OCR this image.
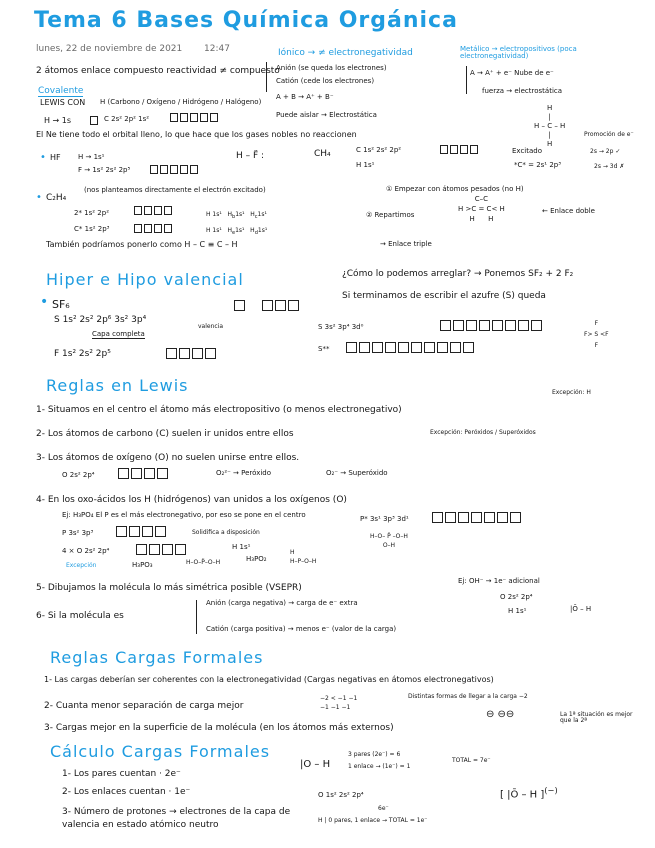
Tema 6 Bases Química Orgánica
lunes, 22 de noviembre de 2021 12:47
2 átomos enlace compuesto reactividad ≠ compuesto
Covalente
LEWIS CON H (Carbono / Oxígeno / Hidrógeno / Halógeno)
H → 1s	C 2s² 2p² 1s²
Iónico → ≠ electronegatividad
Anión (se queda los electrones)
Catión (cede los electrones)
A + B → A⁺ + B⁻
Puede aislar → Electrostática
Metálico → electropositivos (poca electronegatividad)
A → A⁺ + e⁻ Nube de e⁻
fuerza → electrostática
H
|
H – C – H
|
H
El Ne tiene todo el orbital lleno, lo que hace que los gases nobles no reaccionen
• HF H → 1s¹
F → 1s² 2s² 2p⁵
H – F̈ :	CH₄	C 1s² 2s² 2p²
H 1s¹
Excitado
Promoción de e⁻
2s → 2p ✓
*C* = 2s¹ 2p³	2s → 3d ✗
• C₂H₄
(nos planteamos directamente el electrón excitado)	① Empezar con átomos pesados (no H)
2* 1s² 2p²
C* 1s² 2p³
H 1s¹   $H_b1s^1$   $H_c1s^1$
H 1s¹   $H_e1s^1$   $H_d1s^1$
② Repartimos
C–C
H >C = C< H
H      H
← Enlace doble
También podríamos ponerlo como H – C ≡ C – H	→ Enlace triple
Hiper e Hipo valencial
• SF₆
S 1s² 2s² 2p⁶ 3s² 3p⁴
Capa completa
valencia
F 1s² 2s² 2p⁵
¿Cómo lo podemos arreglar? → Ponemos SF₂ + 2 F₂
Si terminamos de escribir el azufre (S) queda
S 3s² 3p⁴ 3d⁰
S**
F
F> S <F
F
Reglas en Lewis
1- Situamos en el centro el átomo más electropositivo (o menos electronegativo)
Excepción: H
2- Los átomos de carbono (C) suelen ir unidos entre ellos
3- Los átomos de oxígeno (O) no suelen unirse entre ellos.
Excepción: Peróxidos / Superóxidos
O 2s² 2p⁴	O₂²⁻ → Peróxido	O₂⁻ → Superóxido
4- En los oxo-ácidos los H (hidrógenos) van unidos a los oxígenos (O)
Ej: H₃PO₄ El P es el más electronegativo, por eso se pone en el centro
P 3s² 3p³	Solidifica a disposición
4 × O 2s² 2p⁴	H 1s¹
P* 3s¹ 3p³ 3d¹
H–O– P̈ –O–H
O–H
Excepción	H₃PO₃
H₃PO₂
H–O–P̈–O–H
H
H–P–O–H
5- Dibujamos la molécula lo más simétrica posible (VSEPR)
Ej: OH⁻ → 1e⁻ adicional
O 2s² 2p⁴
H 1s¹	|Ō – H
6- Si la molécula es
Anión (carga negativa) → carga de e⁻ extra
Catión (carga positiva) → menos e⁻ (valor de la carga)
Reglas Cargas Formales
1- Las cargas deberían ser coherentes con la electronegatividad (Cargas negativas en átomos electronegativos)
2- Cuanta menor separación de carga mejor
−2 < −1 −1
−1 −1 −1
Distintas formas de llegar a la carga −2
3- Cargas mejor en la superficie de la molécula (en los átomos más externos)
La 1ª situación es mejor que la 2ª
⊖ ⊖⊖
Cálculo Cargas Formales
1- Los pares cuentan · 2e⁻
2- Los enlaces cuentan · 1e⁻
3- Número de protones → electrones de la capa de valencia en estado atómico neutro
|O – H
3 pares (2e⁻) = 6
1 enlace → (1e⁻) = 1
TOTAL = 7e⁻
O 1s² 2s² 2p⁴
6e⁻
H | 0 pares, 1 enlace → TOTAL = 1e⁻
[ |Ō – H ](−)
